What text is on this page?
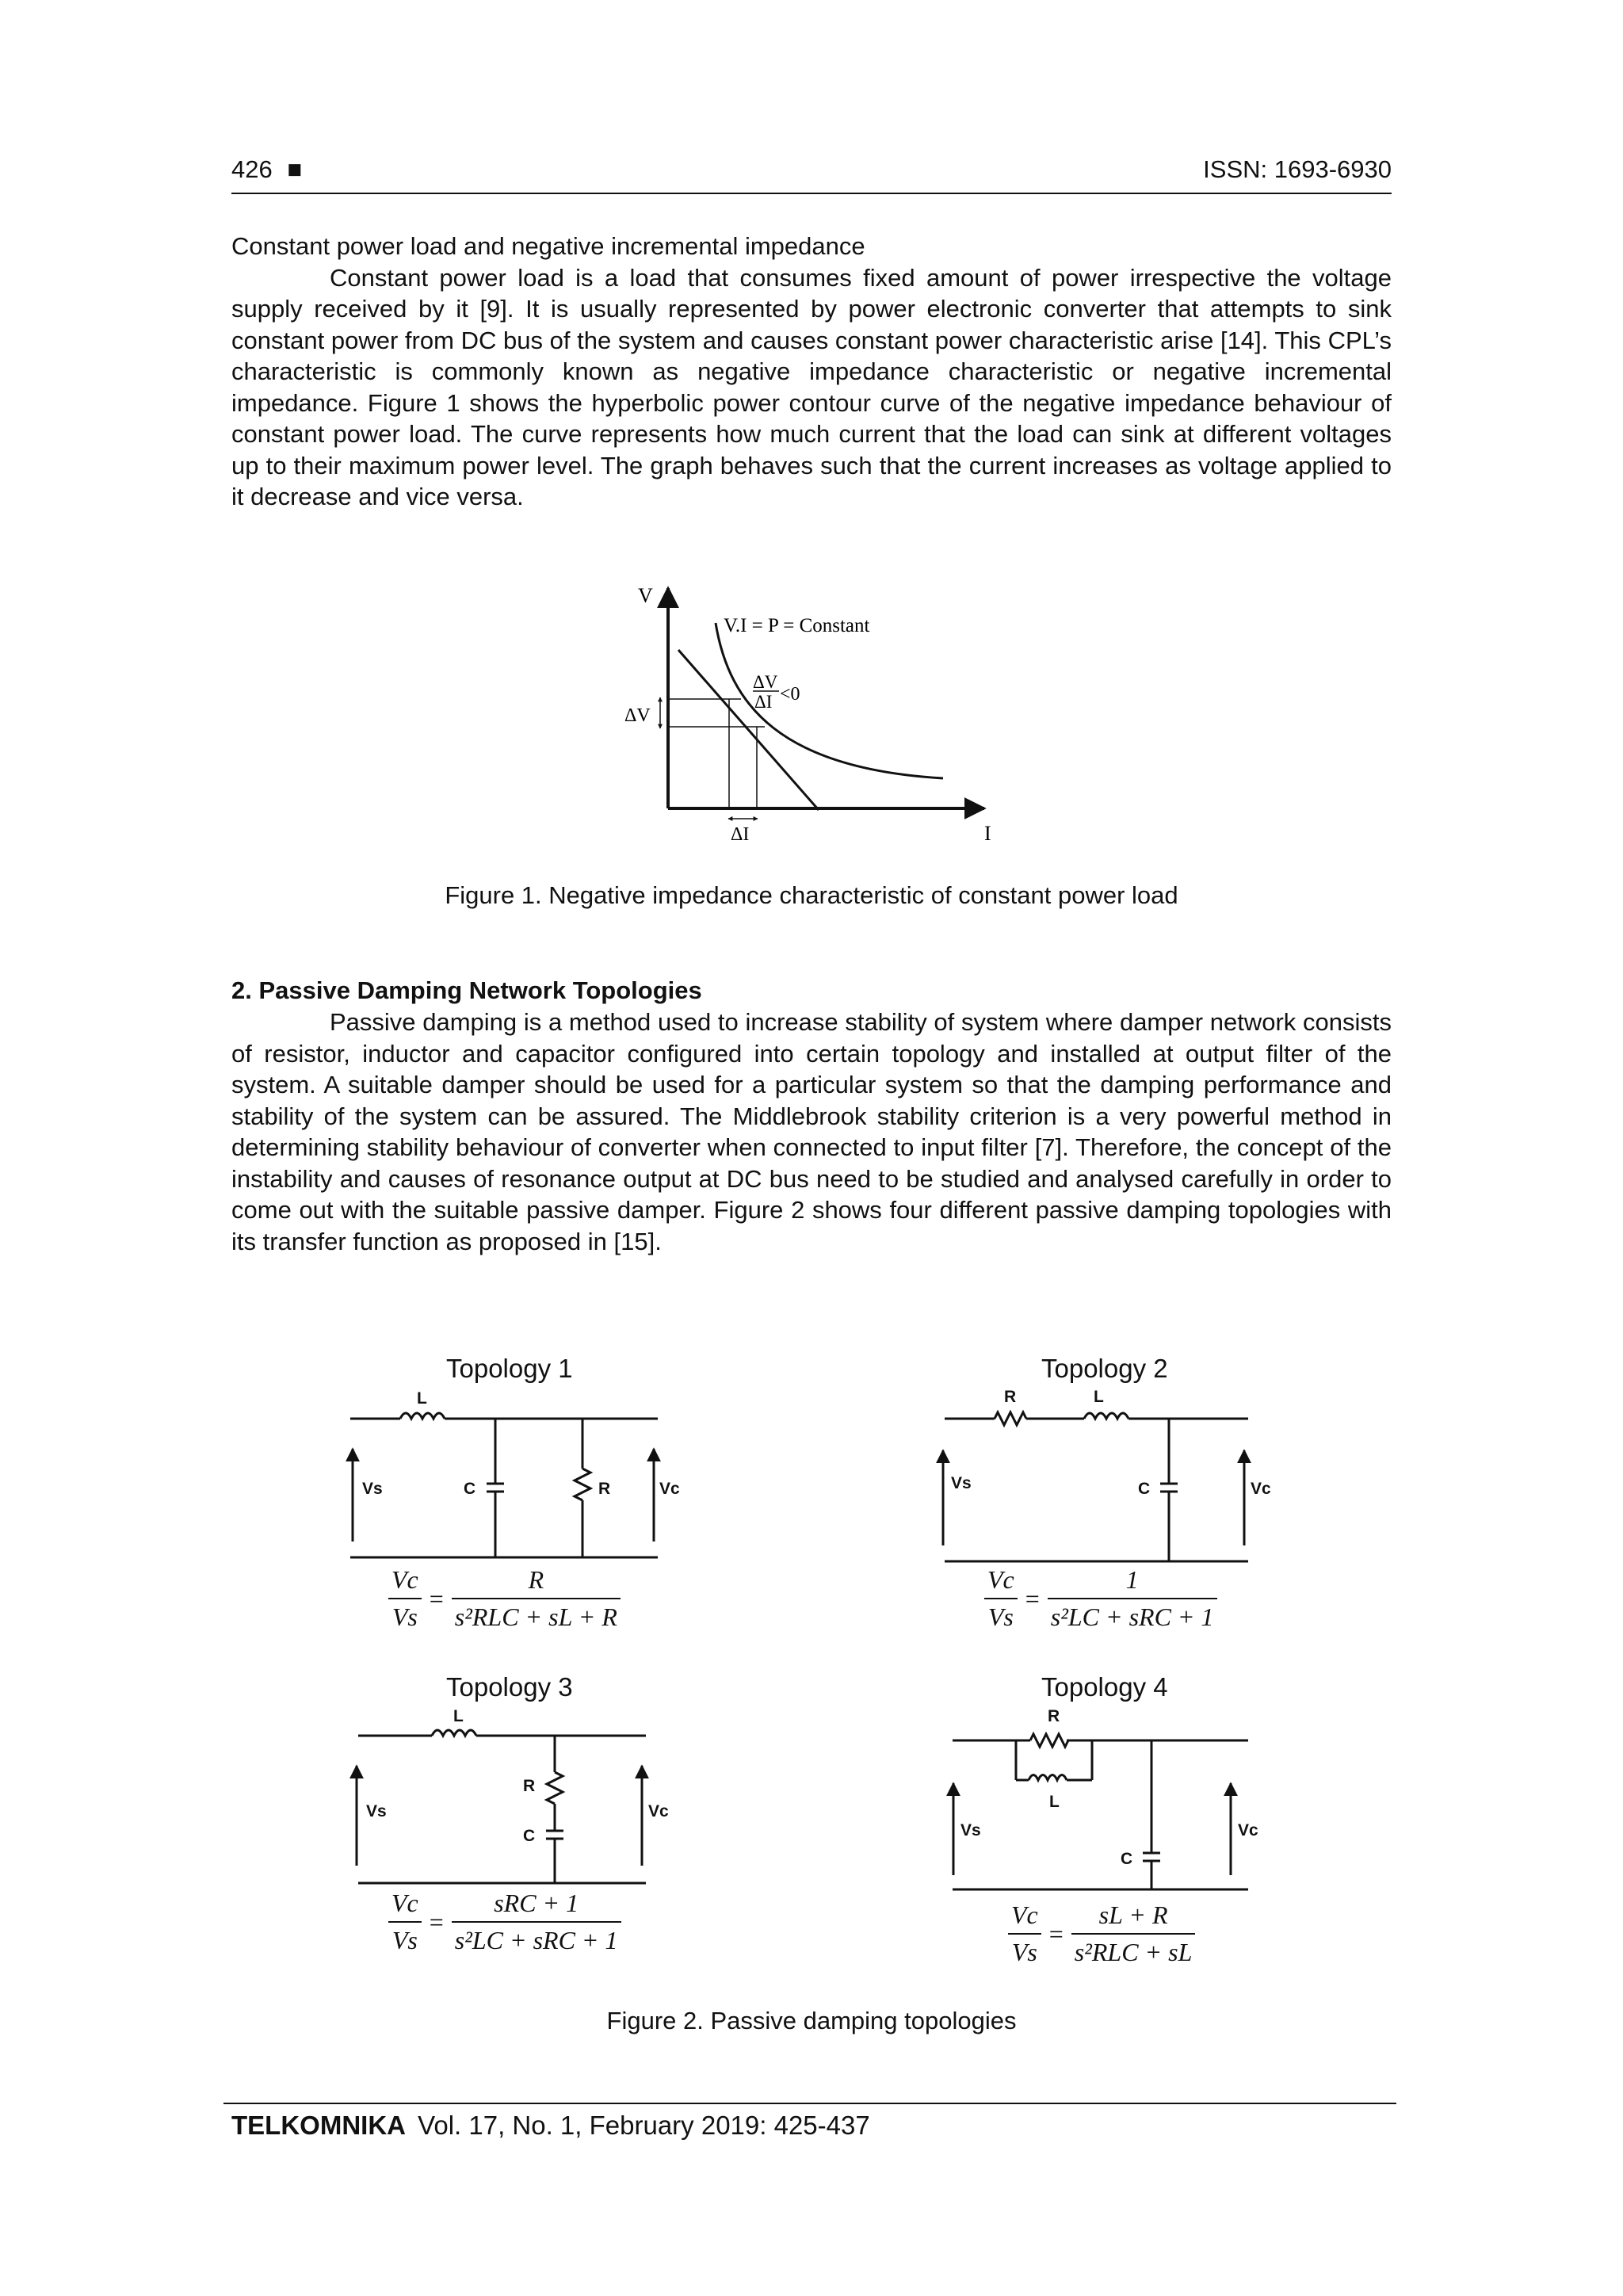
426 ■	ISSN: 1693-6930

Constant power load and negative incremental impedance

Constant power load is a load that consumes fixed amount of power irrespective the voltage supply received by it [9]. It is usually represented by power electronic converter that attempts to sink constant power from DC bus of the system and causes constant power characteristic arise [14]. This CPL’s characteristic is commonly known as negative impedance characteristic or negative incremental impedance. Figure 1 shows the hyperbolic power contour curve of the negative impedance behaviour of constant power load. The curve represents how much current that the load can sink at different voltages up to their maximum power level. The graph behaves such that the current increases as voltage applied to it decrease and vice versa.

V
I
V.I = P = Constant
ΔV
ΔI
ΔV
ΔI <0
Figure 1. Negative impedance characteristic of constant power load
2. Passive Damping Network Topologies

Passive damping is a method used to increase stability of system where damper network consists of resistor, inductor and capacitor configured into certain topology and installed at output filter of the system. A suitable damper should be used for a particular system so that the damping performance and stability of the system can be assured. The Middlebrook stability criterion is a very powerful method in determining stability behaviour of converter when connected to input filter [7]. Therefore, the concept of the instability and causes of resonance output at DC bus need to be studied and analysed carefully in order to come out with the suitable passive damper. Figure 2 shows four different passive damping topologies with its transfer function as proposed in [15].

Topology 1	Topology 2
Topology 3	Topology 4
L
C	R
Vs	Vc
R	L
C
Vs	Vc
L
R
C
Vs	Vc
R
L
C
Vs	Vc
$\frac{Vc}{Vs} = \frac{R}{\text{s²RLC + sL + R}}$	$\frac{Vc}{Vs} = \frac{1}{\text{s²LC + sRC + 1}}$
$\frac{Vc}{Vs} = \frac{\text{sRC + 1}}{\text{s²LC + sRC + 1}}$	$\frac{Vc}{Vs} = \frac{sL + R}{\text{s²RLC + sL}}$
Figure 2. Passive damping topologies
TELKOMNIKA Vol. 17, No. 1, February 2019: 425-437
